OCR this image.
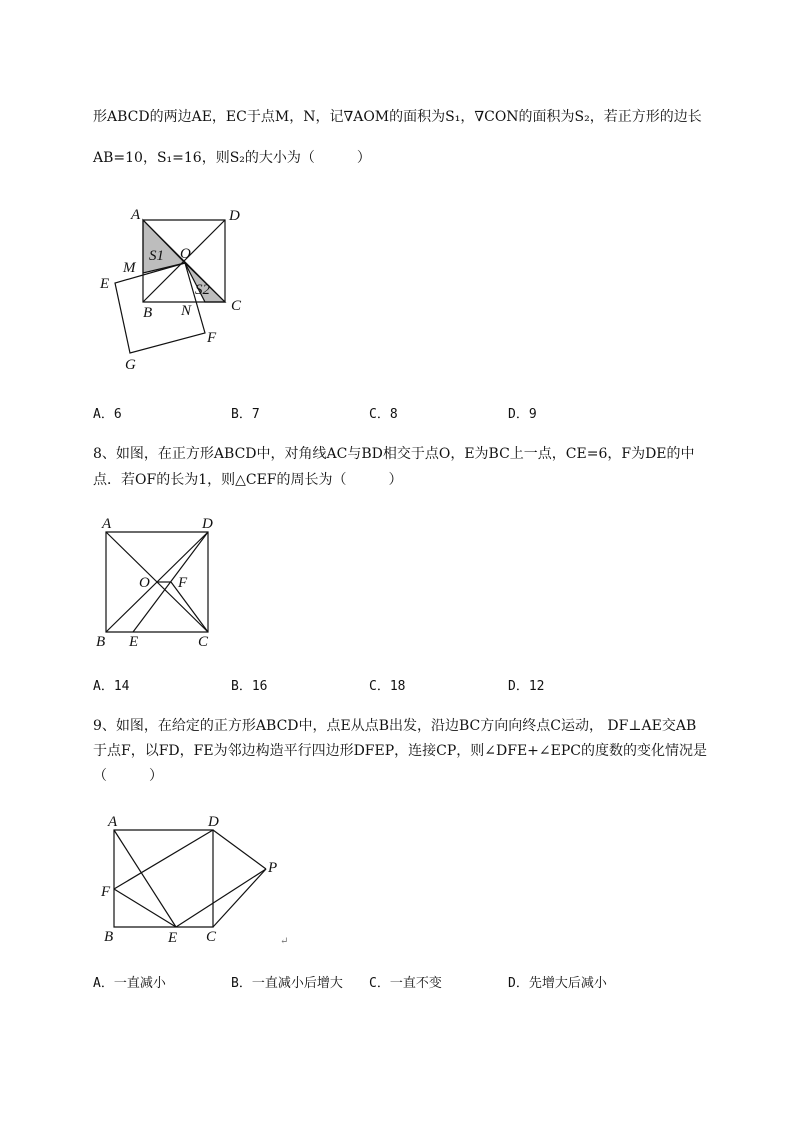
形ABCD的两边AE，EC于点M，N，记∇AOM的面积为S₁，∇CON的面积为S₂，若正方形的边长
AB=10，S₁=16，则S₂的大小为（　　　）
A	D
O
S1
S2
M
E
B N	C
F
G
A．6	B．7	C．8	D．9
8、如图，在正方形ABCD中，对角线AC与BD相交于点O，E为BC上一点，CE=6，F为DE的中
点．若OF的长为1，则△CEF的周长为（　　　）
A	D
O F
B E	C
A．14	B．16	C．18	D．12
9、如图，在给定的正方形ABCD中，点E从点B出发，沿边BC方向向终点C运动， DF⊥AE交AB
于点F，以FD，FE为邻边构造平行四边形DFEP，连接CP，则∠DFE+∠EPC的度数的变化情况是
（　　　）
A	D
P
F
B	E C	↵
A．一直减小	B．一直减小后增大 C．一直不变	D．先增大后减小
